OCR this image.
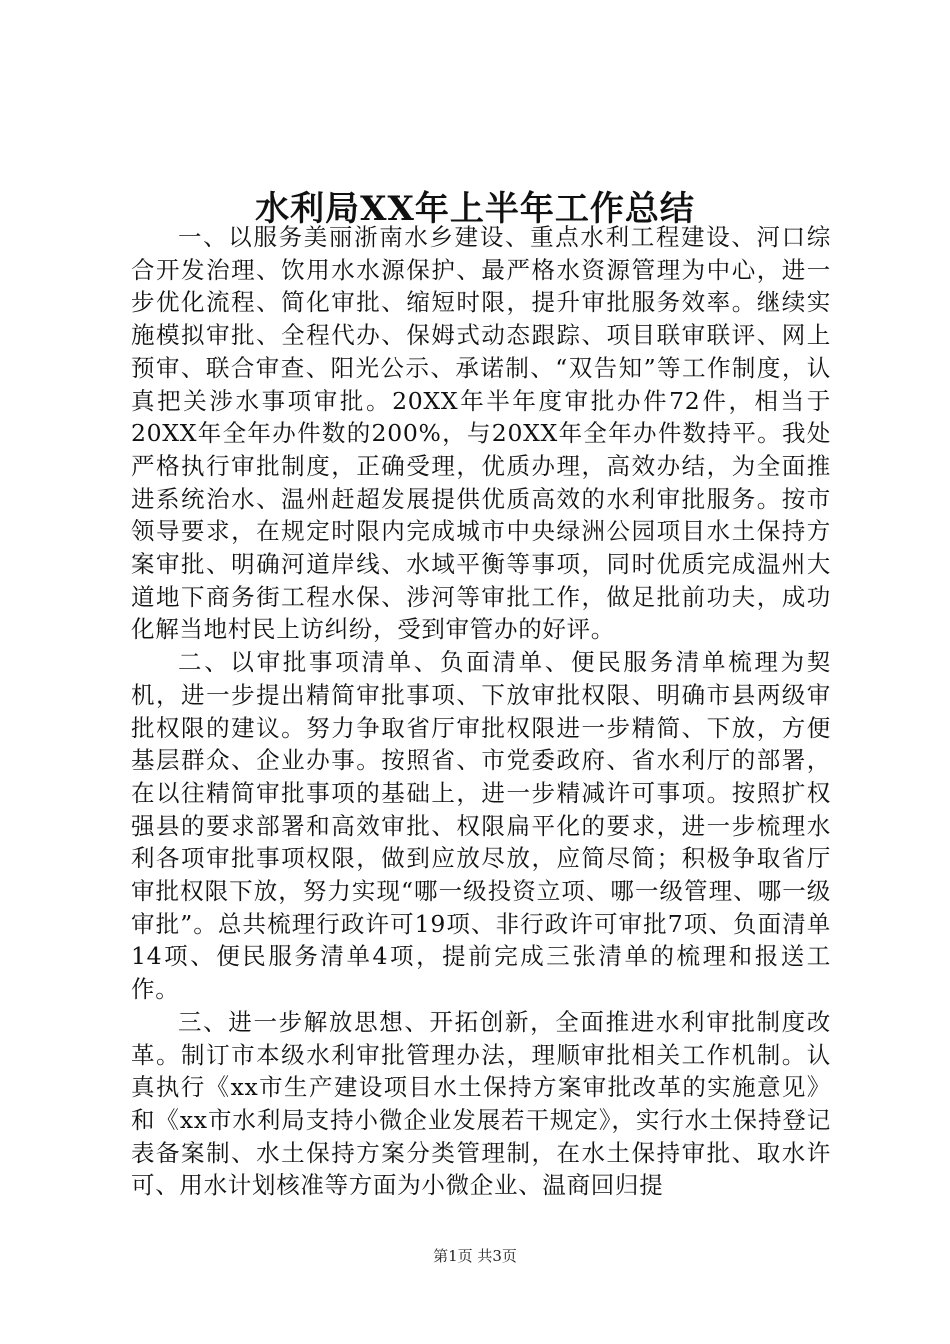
水利局XX年上半年工作总结

一、以服务美丽浙南水乡建设、重点水利工程建设、河口综合开发治理、饮用水水源保护、最严格水资源管理为中心，进一步优化流程、简化审批、缩短时限，提升审批服务效率。继续实施模拟审批、全程代办、保姆式动态跟踪、项目联审联评、网上预审、联合审查、阳光公示、承诺制、“双告知”等工作制度，认真把关涉水事项审批。20XX年半年度审批办件72件，相当于20XX年全年办件数的200%，与20XX年全年办件数持平。我处严格执行审批制度，正确受理，优质办理，高效办结，为全面推进系统治水、温州赶超发展提供优质高效的水利审批服务。按市领导要求，在规定时限内完成城市中央绿洲公园项目水土保持方案审批、明确河道岸线、水域平衡等事项，同时优质完成温州大道地下商务街工程水保、涉河等审批工作，做足批前功夫，成功化解当地村民上访纠纷，受到审管办的好评。

二、以审批事项清单、负面清单、便民服务清单梳理为契机，进一步提出精简审批事项、下放审批权限、明确市县两级审批权限的建议。努力争取省厅审批权限进一步精简、下放，方便基层群众、企业办事。按照省、市党委政府、省水利厅的部署，在以往精简审批事项的基础上，进一步精减许可事项。按照扩权强县的要求部署和高效审批、权限扁平化的要求，进一步梳理水利各项审批事项权限，做到应放尽放，应简尽简；积极争取省厅审批权限下放，努力实现“哪一级投资立项、哪一级管理、哪一级审批”。总共梳理行政许可19项、非行政许可审批7项、负面清单14项、便民服务清单4项，提前完成三张清单的梳理和报送工作。

三、进一步解放思想、开拓创新，全面推进水利审批制度改革。制订市本级水利审批管理办法，理顺审批相关工作机制。认真执行《xx市生产建设项目水土保持方案审批改革的实施意见》和《xx市水利局支持小微企业发展若干规定》，实行水土保持登记表备案制、水土保持方案分类管理制，在水土保持审批、取水许可、用水计划核准等方面为小微企业、温商回归提

第1页 共3页
